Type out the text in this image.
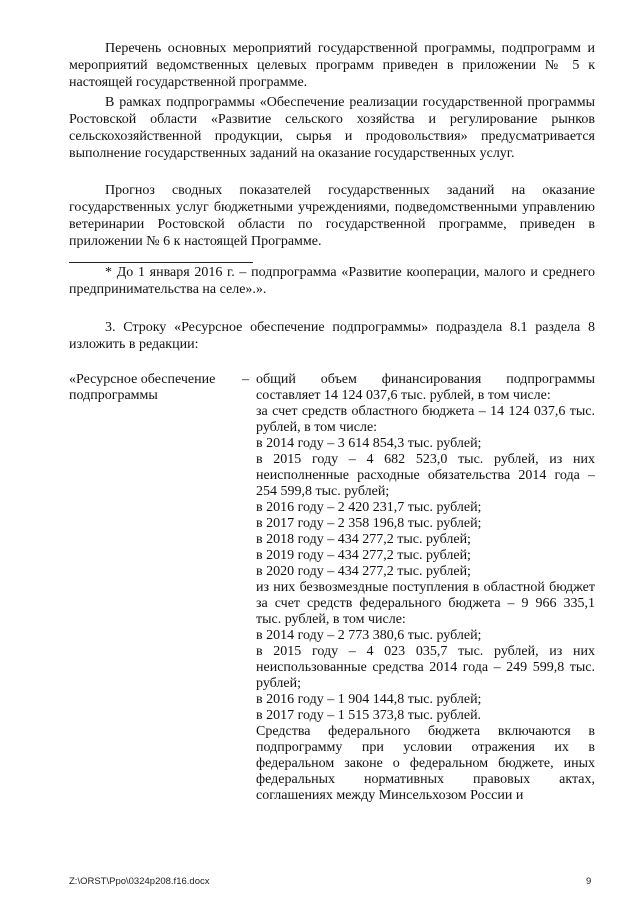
Перечень основных мероприятий государственной программы, подпрограмм и мероприятий ведомственных целевых программ приведен в приложении № 5 к настоящей государственной программе.

В рамках подпрограммы «Обеспечение реализации государственной программы Ростовской области «Развитие сельского хозяйства и регулирование рынков сельскохозяйственной продукции, сырья и продовольствия» предусматривается выполнение государственных заданий на оказание государственных услуг.

Прогноз сводных показателей государственных заданий на оказание государственных услуг бюджетными учреждениями, подведомственными управлению ветеринарии Ростовской области по государственной программе, приведен в приложении № 6 к настоящей Программе.

* До 1 января 2016 г. – подпрограмма «Развитие кооперации, малого и среднего предпринимательства на селе».».

3. Строку «Ресурсное обеспечение подпрограммы» подраздела 8.1 раздела 8 изложить в редакции:

«Ресурсное обеспечение –
подпрограммы

общий объем финансирования подпрограммы составляет 14 124 037,6 тыс. рублей, в том числе:

за счет средств областного бюджета – 14 124 037,6 тыс. рублей, в том числе:

в 2014 году – 3 614 854,3 тыс. рублей;

в 2015 году – 4 682 523,0 тыс. рублей, из них неисполненные расходные обязательства 2014 года – 254 599,8 тыс. рублей;

в 2016 году – 2 420 231,7 тыс. рублей;

в 2017 году – 2 358 196,8 тыс. рублей;

в 2018 году – 434 277,2 тыс. рублей;

в 2019 году – 434 277,2 тыс. рублей;

в 2020 году – 434 277,2 тыс. рублей;

из них безвозмездные поступления в областной бюджет за счет средств федерального бюджета – 9 966 335,1 тыс. рублей, в том числе:

в 2014 году – 2 773 380,6 тыс. рублей;

в 2015 году – 4 023 035,7 тыс. рублей, из них неиспользованные средства 2014 года – 249 599,8 тыс. рублей;

в 2016 году – 1 904 144,8 тыс. рублей;

в 2017 году – 1 515 373,8 тыс. рублей.

Средства федерального бюджета включаются в подпрограмму при условии отражения их в федеральном законе о федеральном бюджете, иных федеральных нормативных правовых актах, соглашениях между Минсельхозом России и

Z:\ORST\Ppo\0324p208.f16.docx	9
